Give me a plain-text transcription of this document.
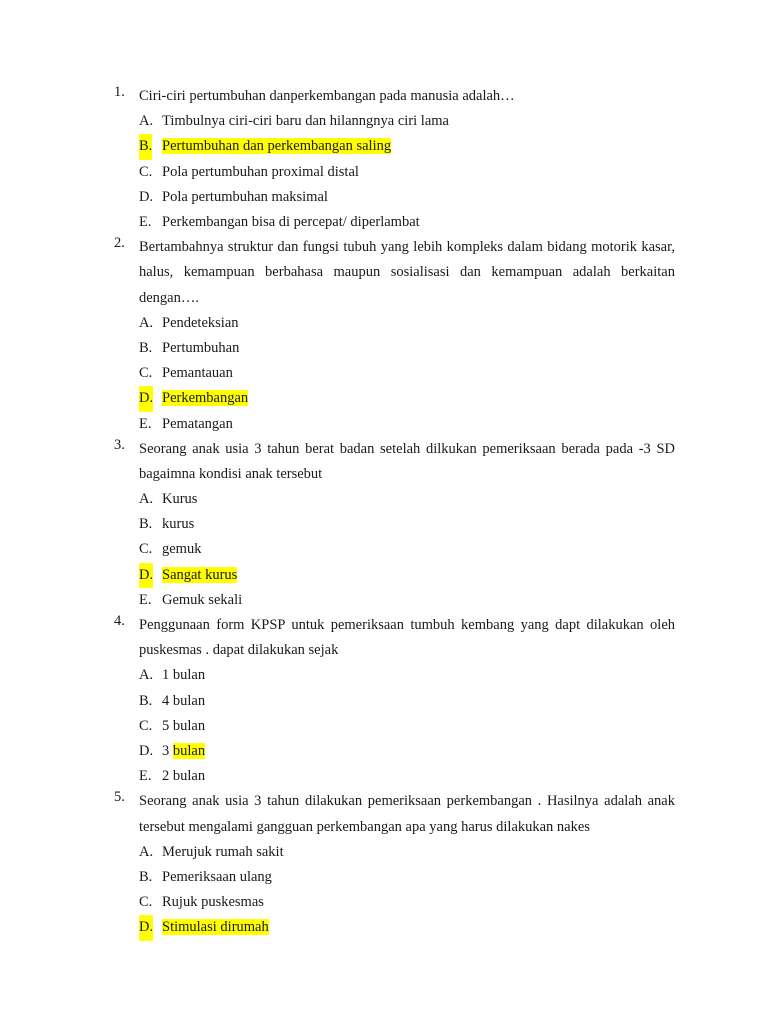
1. Ciri-ciri pertumbuhan danperkembangan pada manusia adalah…
A. Timbulnya ciri-ciri baru dan hilanngnya ciri lama
B. Pertumbuhan dan perkembangan saling
C. Pola pertumbuhan proximal distal
D. Pola pertumbuhan maksimal
E. Perkembangan bisa di percepat/ diperlambat
2. Bertambahnya struktur dan fungsi tubuh yang lebih kompleks dalam bidang motorik kasar, halus, kemampuan berbahasa maupun sosialisasi dan kemampuan adalah berkaitan dengan….
A. Pendeteksian
B. Pertumbuhan
C. Pemantauan
D. Perkembangan
E. Pematangan
3. Seorang anak usia 3 tahun berat badan setelah dilkukan pemeriksaan berada pada -3 SD bagaimna kondisi anak tersebut
A. Kurus
B. kurus
C. gemuk
D. Sangat kurus
E. Gemuk sekali
4. Penggunaan form KPSP untuk pemeriksaan tumbuh kembang yang dapt dilakukan oleh puskesmas . dapat dilakukan sejak
A. 1 bulan
B. 4 bulan
C. 5 bulan
D. 3 bulan
E. 2 bulan
5. Seorang anak usia 3 tahun dilakukan pemeriksaan perkembangan . Hasilnya adalah anak tersebut mengalami gangguan perkembangan apa yang harus dilakukan nakes
A. Merujuk rumah sakit
B. Pemeriksaan ulang
C. Rujuk puskesmas
D. Stimulasi dirumah
